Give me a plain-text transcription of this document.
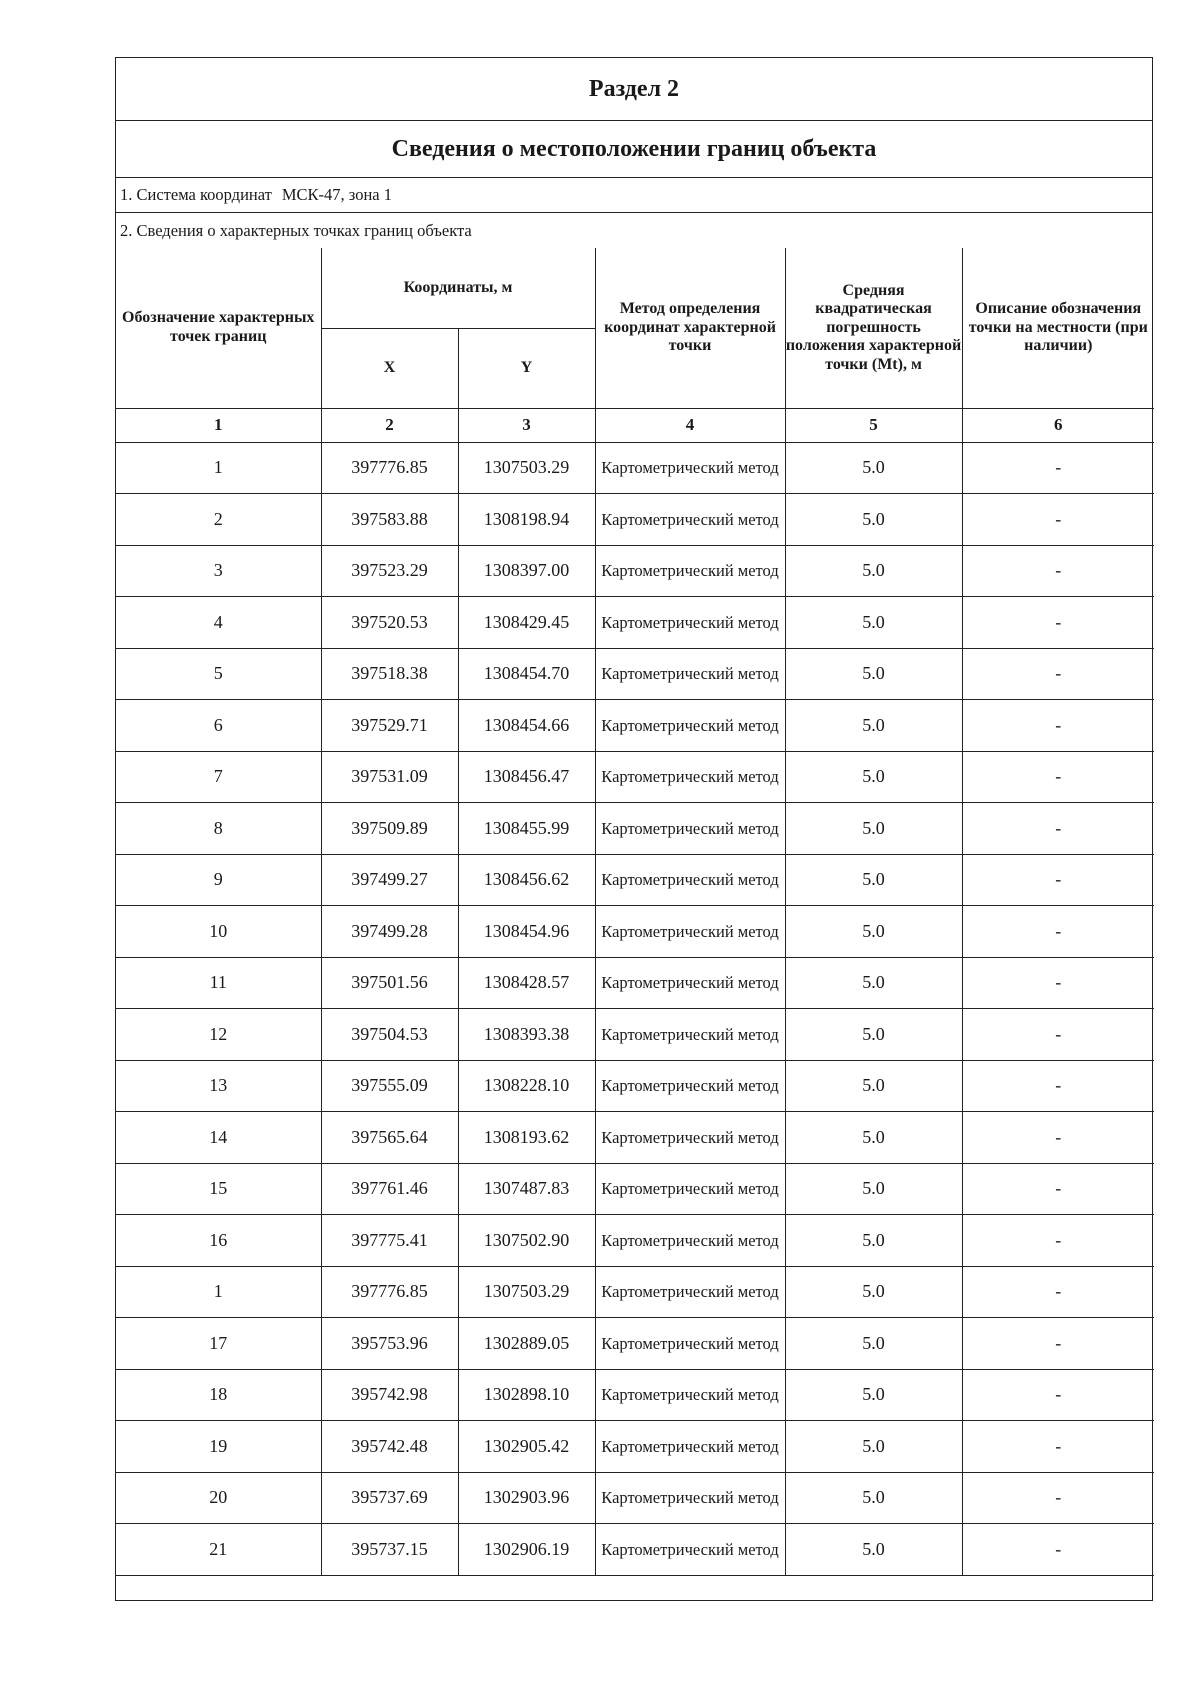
Раздел 2
Сведения о местоположении границ объекта
1. Система координат МСК-47, зона 1
2. Сведения о характерных точках границ объекта
Обозначение характерных точек границ	Координаты, м		Метод определения координат характерной точки	Средняя квадратическая погрешность положения характерной точки (Mt), м	Описание обозначения точки на местности (при наличии)
	X	Y			
1	2	3	4	5	6
1	397776.85	1307503.29	Картометрический метод	5.0	-
2	397583.88	1308198.94	Картометрический метод	5.0	-
3	397523.29	1308397.00	Картометрический метод	5.0	-
4	397520.53	1308429.45	Картометрический метод	5.0	-
5	397518.38	1308454.70	Картометрический метод	5.0	-
6	397529.71	1308454.66	Картометрический метод	5.0	-
7	397531.09	1308456.47	Картометрический метод	5.0	-
8	397509.89	1308455.99	Картометрический метод	5.0	-
9	397499.27	1308456.62	Картометрический метод	5.0	-
10	397499.28	1308454.96	Картометрический метод	5.0	-
11	397501.56	1308428.57	Картометрический метод	5.0	-
12	397504.53	1308393.38	Картометрический метод	5.0	-
13	397555.09	1308228.10	Картометрический метод	5.0	-
14	397565.64	1308193.62	Картометрический метод	5.0	-
15	397761.46	1307487.83	Картометрический метод	5.0	-
16	397775.41	1307502.90	Картометрический метод	5.0	-
1	397776.85	1307503.29	Картометрический метод	5.0	-
17	395753.96	1302889.05	Картометрический метод	5.0	-
18	395742.98	1302898.10	Картометрический метод	5.0	-
19	395742.48	1302905.42	Картометрический метод	5.0	-
20	395737.69	1302903.96	Картометрический метод	5.0	-
21	395737.15	1302906.19	Картометрический метод	5.0	-
